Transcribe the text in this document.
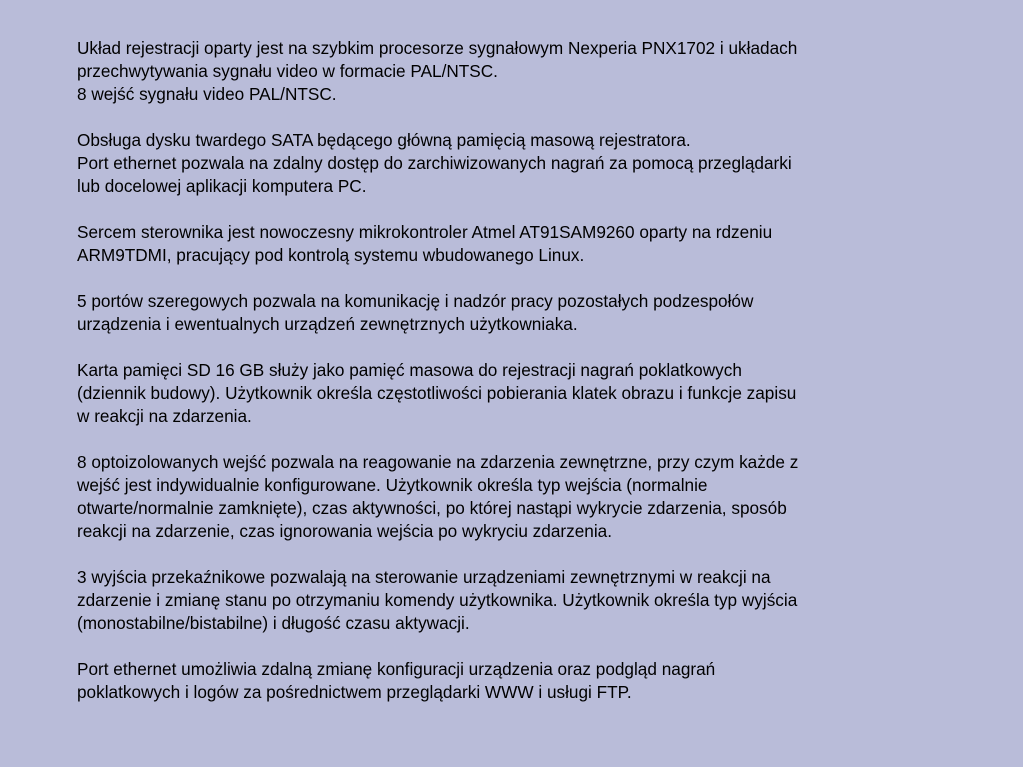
Układ rejestracji oparty jest na szybkim procesorze sygnałowym Nexperia PNX1702 i układach
przechwytywania sygnału video w formacie PAL/NTSC.
8 wejść sygnału video PAL/NTSC.
Obsługa dysku twardego SATA będącego główną pamięcią masową rejestratora.
Port ethernet pozwala na zdalny dostęp do zarchiwizowanych nagrań za pomocą przeglądarki
lub docelowej aplikacji komputera PC.
Sercem sterownika jest nowoczesny mikrokontroler Atmel AT91SAM9260 oparty na rdzeniu
ARM9TDMI, pracujący pod kontrolą systemu wbudowanego Linux.
5 portów szeregowych pozwala na komunikację i nadzór pracy pozostałych podzespołów
urządzenia i ewentualnych urządzeń zewnętrznych użytkowniaka.
Karta pamięci SD 16 GB służy jako pamięć masowa do rejestracji nagrań poklatkowych
(dziennik budowy). Użytkownik określa częstotliwości pobierania klatek obrazu i funkcje zapisu
w reakcji na zdarzenia.
8 optoizolowanych wejść pozwala na reagowanie na zdarzenia zewnętrzne, przy czym każde z
wejść jest indywidualnie konfigurowane. Użytkownik określa typ wejścia (normalnie
otwarte/normalnie zamknięte), czas aktywności, po której nastąpi wykrycie zdarzenia, sposób
reakcji na zdarzenie, czas ignorowania wejścia po wykryciu zdarzenia.
3 wyjścia przekaźnikowe pozwalają na sterowanie urządzeniami zewnętrznymi w reakcji na
zdarzenie i zmianę stanu po otrzymaniu komendy użytkownika. Użytkownik określa typ wyjścia
(monostabilne/bistabilne) i długość czasu aktywacji.
Port ethernet umożliwia zdalną zmianę konfiguracji urządzenia oraz podgląd nagrań
poklatkowych i logów za pośrednictwem przeglądarki WWW i usługi FTP.
